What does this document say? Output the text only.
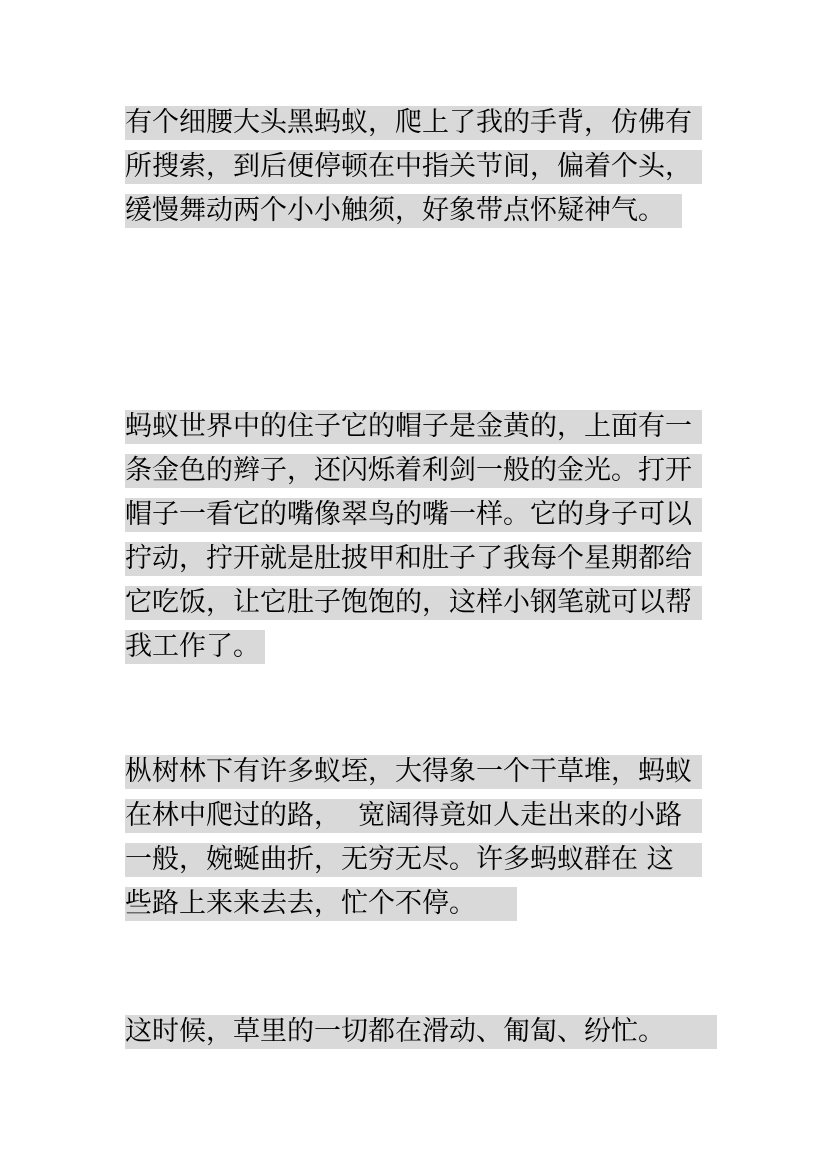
有个细腰大头黑蚂蚁，爬上了我的手背，仿佛有
所搜索，到后便停顿在中指关节间，偏着个头，
缓慢舞动两个小小触须，好象带点怀疑神气。
蚂蚁世界中的住子它的帽子是金黄的，上面有一
条金色的辫子，还闪烁着利剑一般的金光。打开
帽子一看它的嘴像翠鸟的嘴一样。它的身子可以
拧动，拧开就是肚披甲和肚子了我每个星期都给
它吃饭，让它肚子饱饱的，这样小钢笔就可以帮
我工作了。
枞树林下有许多蚁垤，大得象一个干草堆，蚂蚁
在林中爬过的路，  宽阔得竟如人走出来的小路
一般，婉蜒曲折，无穷无尽。许多蚂蚁群在 这
些路上来来去去，忙个不停。
这时候，草里的一切都在滑动、匍匐、纷忙。
